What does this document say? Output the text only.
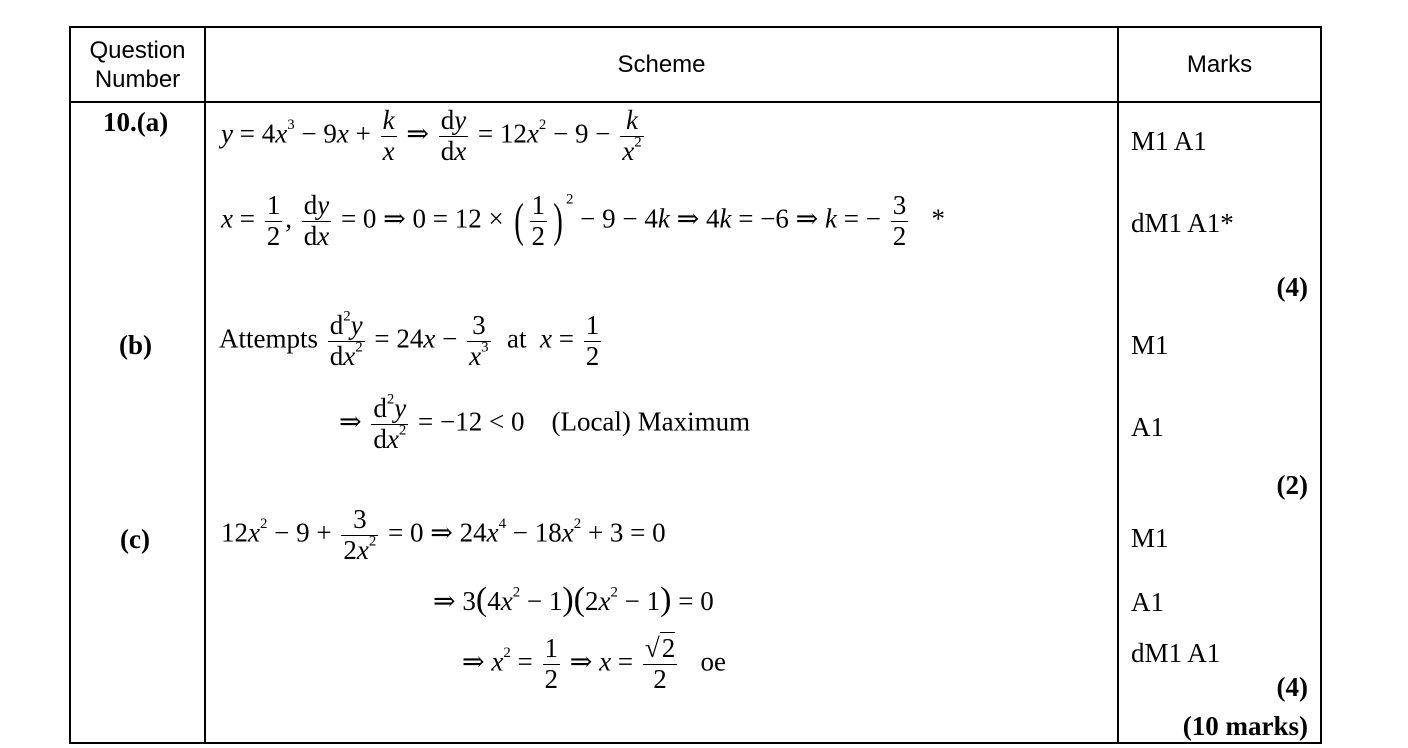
Question Number
Scheme	Marks
10.(a)
(b)
(c)
$y = 4x^3 - 9x + \frac{k}{x}$ ⇒ $\frac{dy}{dx} = 12x^2 - 9 - \frac{k}{x^2}$
$x = \frac{1}{2}$ , $\frac{dy}{dx} = 0$ ⇒ 0 = 12 × ( $\frac{1}{2}$ ) $^2$ − 9 − 4k ⇒ 4k = −6 ⇒ k = − $\frac{3}{2}$ *
Attempts $\frac{d^2y}{dx^2} = 24x - \frac{3}{x^3}$ at $x = \frac{1}{2}$
⇒ $\frac{d^2y}{dx^2} = -12 < 0$    (Local) Maximum
$12x^2 - 9 + \frac{3}{2x^2} = 0$ ⇒ $24x^4 - 18x^2 + 3 = 0$
⇒ $3(4x^2 - 1)(2x^2 - 1) = 0$
⇒ $x^2 = \frac{1}{2}$ ⇒ $x = \frac{√2}{2}$ oe
M1 A1
dM1 A1*
(4)
M1
A1
(2)
M1
A1
dM1 A1
(4)
(10 marks)
